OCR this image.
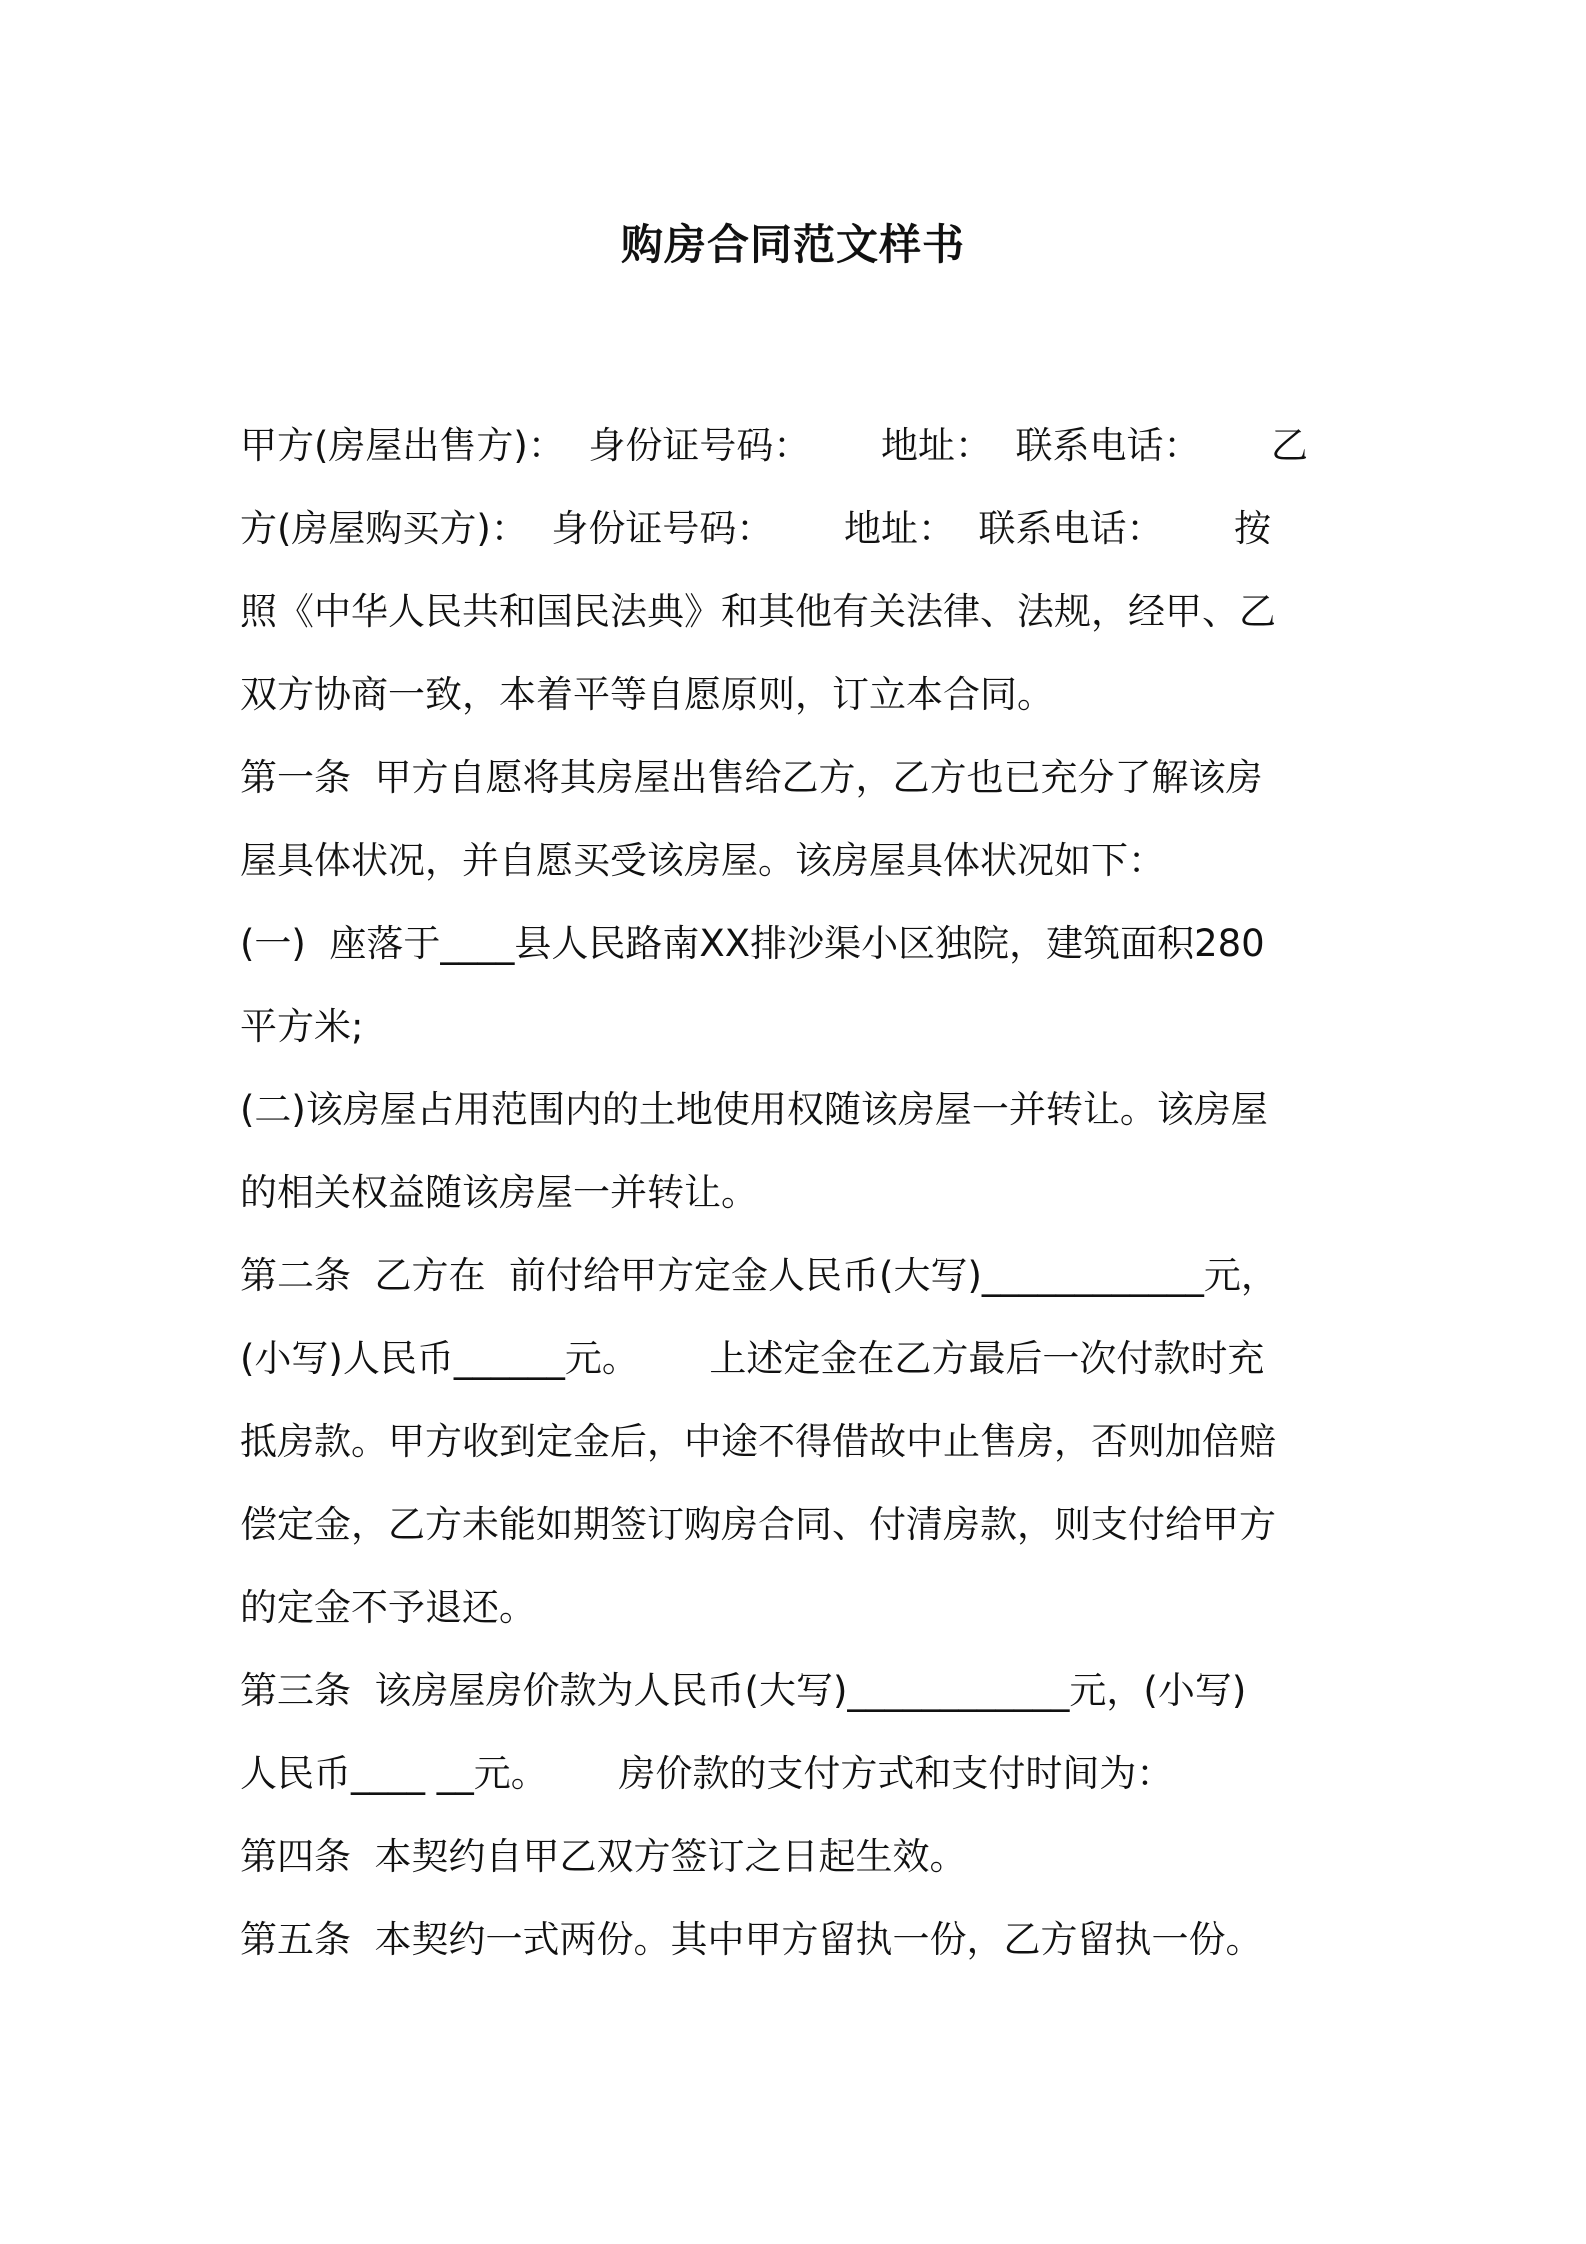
购房合同范文样书
甲方(房屋出售方)：  身份证号码：      地址：  联系电话：      乙
方(房屋购买方)：  身份证号码：      地址：  联系电话：      按
照《中华人民共和国民法典》和其他有关法律、法规，经甲、乙
双方协商一致，本着平等自愿原则，订立本合同。
第一条  甲方自愿将其房屋出售给乙方，乙方也已充分了解该房
屋具体状况，并自愿买受该房屋。该房屋具体状况如下：
(一)  座落于____县人民路南XX排沙渠小区独院，建筑面积280
平方米;
(二)该房屋占用范围内的土地使用权随该房屋一并转让。该房屋
的相关权益随该房屋一并转让。
第二条  乙方在  前付给甲方定金人民币(大写)____________元，
(小写)人民币______元。      上述定金在乙方最后一次付款时充
抵房款。甲方收到定金后，中途不得借故中止售房，否则加倍赔
偿定金，乙方未能如期签订购房合同、付清房款，则支付给甲方
的定金不予退还。
第三条  该房屋房价款为人民币(大写)____________元，(小写)
人民币____ __元。      房价款的支付方式和支付时间为：
第四条  本契约自甲乙双方签订之日起生效。
第五条  本契约一式两份。其中甲方留执一份，乙方留执一份。
